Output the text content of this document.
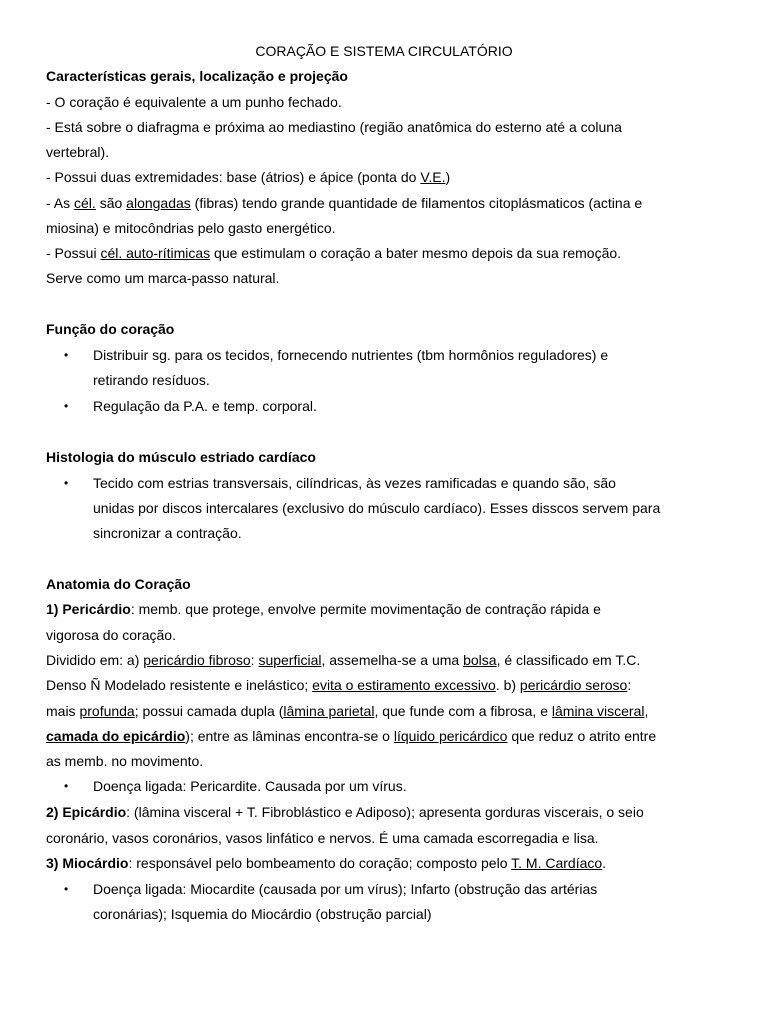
CORAÇÃO E SISTEMA CIRCULATÓRIO
Características gerais, localização e projeção
- O coração é equivalente a um punho fechado.
- Está sobre o diafragma e próxima ao mediastino (região anatômica do esterno até a coluna
vertebral).
- Possui duas extremidades: base (átrios) e ápice (ponta do V.E.)
- As cél. são alongadas (fibras) tendo grande quantidade de filamentos citoplásmaticos (actina e
miosina) e mitocôndrias pelo gasto energético.
- Possui cél. auto-rítimicas que estimulam o coração a bater mesmo depois da sua remoção.
Serve como um marca-passo natural.
Função do coração
• Distribuir sg. para os tecidos, fornecendo nutrientes (tbm hormônios reguladores) e
retirando resíduos.
• Regulação da P.A. e temp. corporal.
Histologia do músculo estriado cardíaco
• Tecido com estrias transversais, cilíndricas, às vezes ramificadas e quando são, são
unidas por discos intercalares (exclusivo do músculo cardíaco). Esses disscos servem para
sincronizar a contração.
Anatomia do Coração
1) Pericárdio: memb. que protege, envolve permite movimentação de contração rápida e
vigorosa do coração.
Dividido em: a) pericárdio fibroso: superficial, assemelha-se a uma bolsa, é classificado em T.C.
Denso Ñ Modelado resistente e inelástico; evita o estiramento excessivo. b) pericárdio seroso:
mais profunda; possui camada dupla (lâmina parietal, que funde com a fibrosa, e lâmina visceral,
camada do epicárdio); entre as lâminas encontra-se o líquido pericárdico que reduz o atrito entre
as memb. no movimento.
• Doença ligada: Pericardite. Causada por um vírus.
2) Epicárdio: (lâmina visceral + T. Fibroblástico e Adiposo); apresenta gorduras viscerais, o seio
coronário, vasos coronários, vasos linfático e nervos. É uma camada escorregadia e lisa.
3) Miocárdio: responsável pelo bombeamento do coração; composto pelo T. M. Cardíaco.
• Doença ligada: Miocardite (causada por um vírus); Infarto (obstrução das artérias
coronárias); Isquemia do Miocárdio (obstrução parcial)
